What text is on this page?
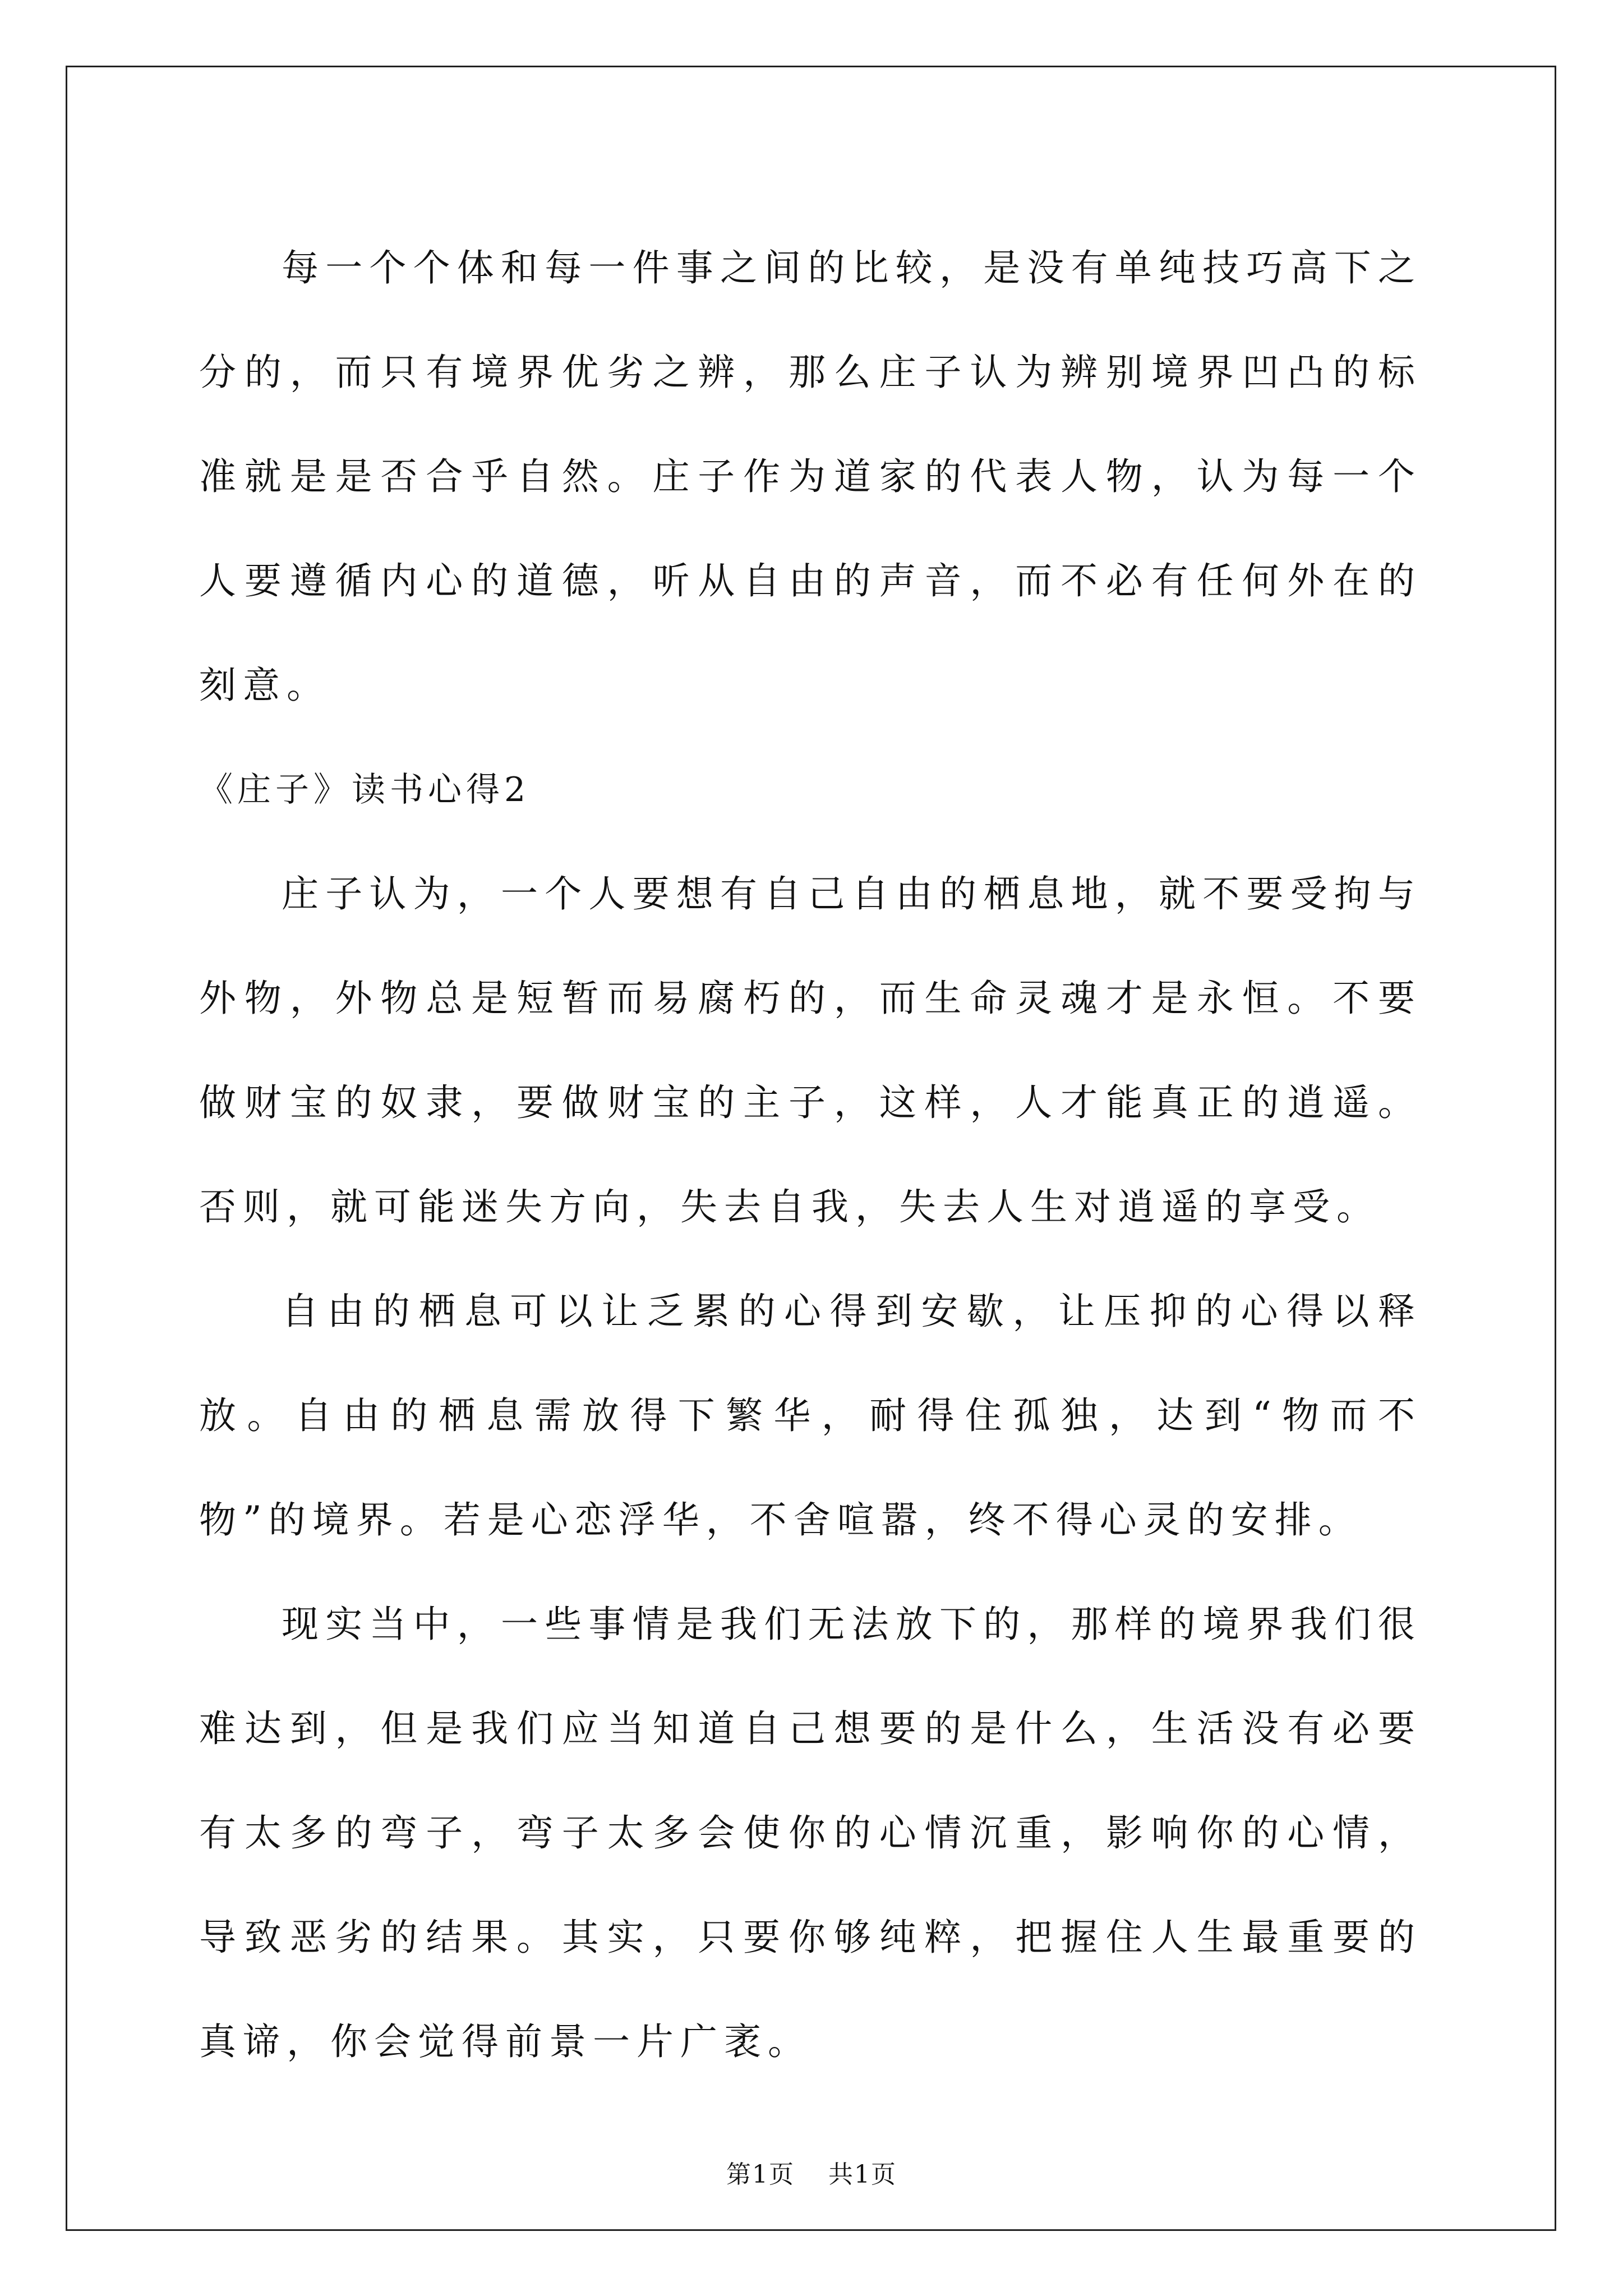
每一个个体和每一件事之间的比较，是没有单纯技巧高下之分的，而只有境界优劣之辨，那么庄子认为辨别境界凹凸的标准就是是否合乎自然。庄子作为道家的代表人物，认为每一个人要遵循内心的道德，听从自由的声音，而不必有任何外在的刻意。

《庄子》读书心得2

庄子认为，一个人要想有自己自由的栖息地，就不要受拘与外物，外物总是短暂而易腐朽的，而生命灵魂才是永恒。不要做财宝的奴隶，要做财宝的主子，这样，人才能真正的逍遥。否则，就可能迷失方向，失去自我，失去人生对逍遥的享受。

自由的栖息可以让乏累的心得到安歇，让压抑的心得以释放。自由的栖息需放得下繁华，耐得住孤独，达到“物而不物”的境界。若是心恋浮华，不舍喧嚣，终不得心灵的安排。

现实当中，一些事情是我们无法放下的，那样的境界我们很难达到，但是我们应当知道自己想要的是什么，生活没有必要有太多的弯子，弯子太多会使你的心情沉重，影响你的心情，导致恶劣的结果。其实，只要你够纯粹，把握住人生最重要的真谛，你会觉得前景一片广袤。

第1页 共1页
